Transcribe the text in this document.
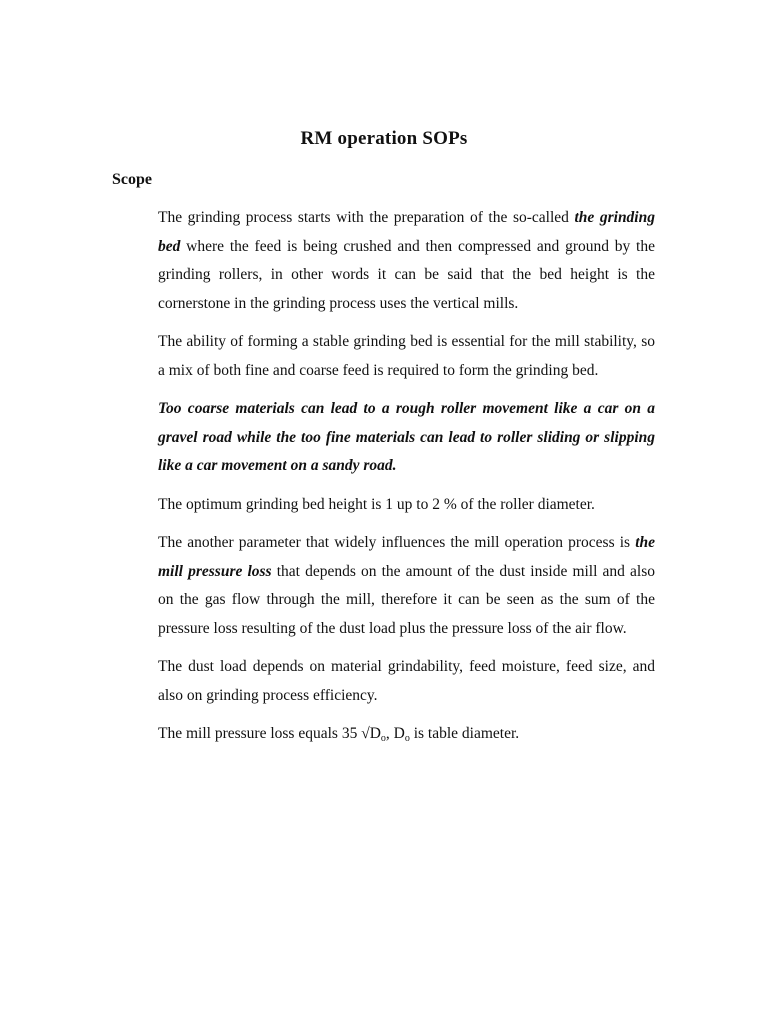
RM operation SOPs
Scope

The grinding process starts with the preparation of the so-called the grinding bed where the feed is being crushed and then compressed and ground by the grinding rollers, in other words it can be said that the bed height is the cornerstone in the grinding process uses the vertical mills.

The ability of forming a stable grinding bed is essential for the mill stability, so a mix of both fine and coarse feed is required to form the grinding bed.

Too coarse materials can lead to a rough roller movement like a car on a gravel road while the too fine materials can lead to roller sliding or slipping like a car movement on a sandy road.

The optimum grinding bed height is 1 up to 2 % of the roller diameter.

The another parameter that widely influences the mill operation process is the mill pressure loss that depends on the amount of the dust inside mill and also on the gas flow through the mill, therefore it can be seen as the sum of the pressure loss resulting of the dust load plus the pressure loss of the air flow.

The dust load depends on material grindability, feed moisture, feed size, and also on grinding process efficiency.

The mill pressure loss equals 35 $√D_o$, $D_o$ is table diameter.
